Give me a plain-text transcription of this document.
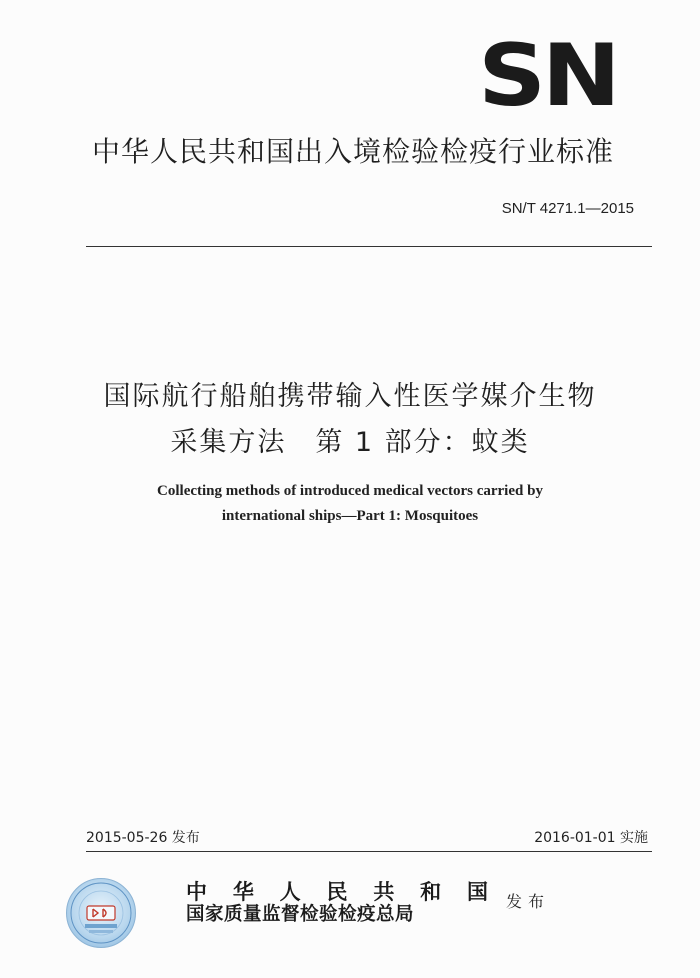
SN
中华人民共和国出入境检验检疫行业标准
SN/T 4271.1—2015
国际航行船舶携带输入性医学媒介生物
采集方法　第 1 部分：蚊类
Collecting methods of introduced medical vectors carried by
international ships—Part 1: Mosquitoes
2015-05-26 发布	2016-01-01 实施
中 华 人 民 共 和 国
国家质量监督检验检疫总局
发布
